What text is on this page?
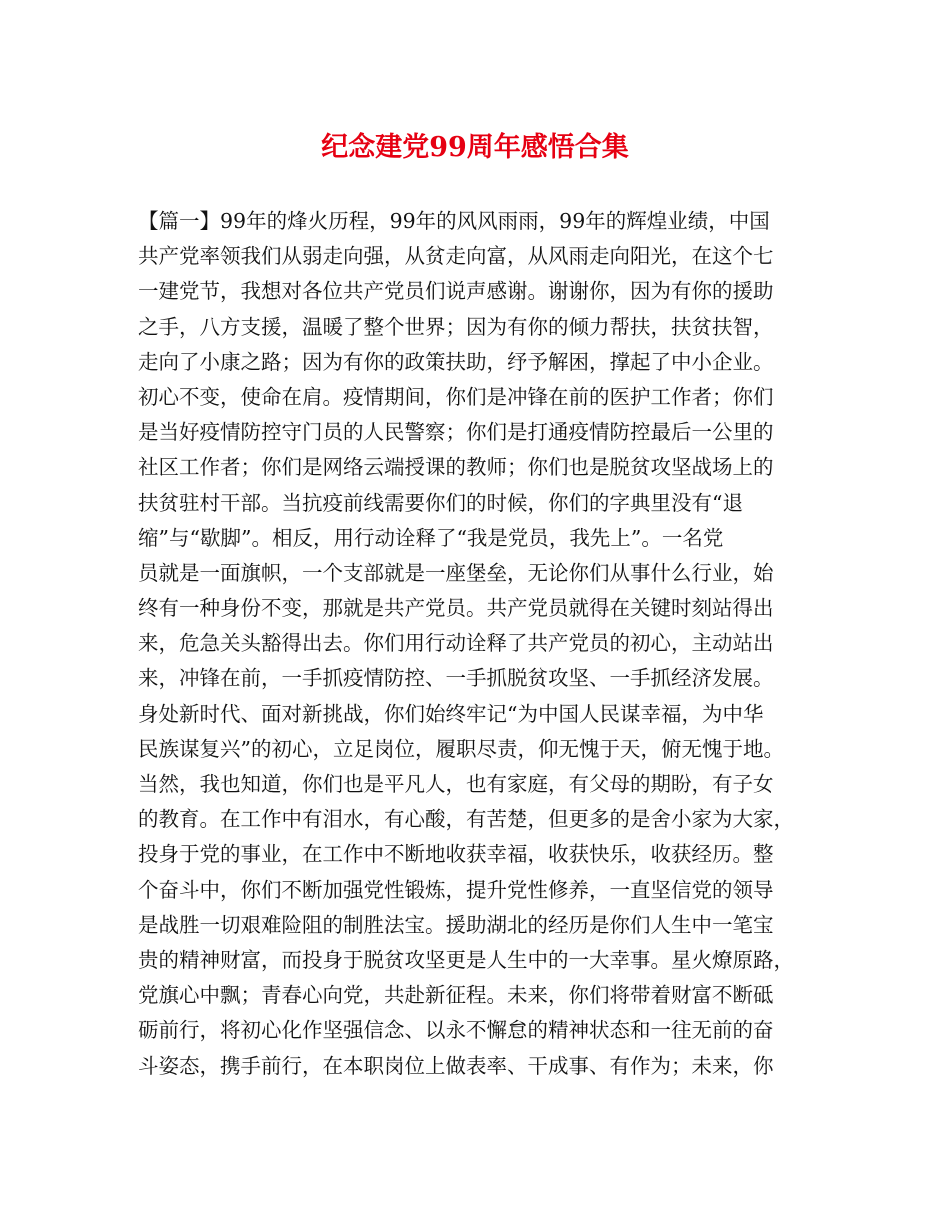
纪念建党99周年感悟合集

【篇一】99年的烽火历程，99年的风风雨雨，99年的辉煌业绩，中国

共产党率领我们从弱走向强，从贫走向富，从风雨走向阳光，在这个七

一建党节，我想对各位共产党员们说声感谢。谢谢你，因为有你的援助

之手，八方支援，温暖了整个世界；因为有你的倾力帮扶，扶贫扶智，

走向了小康之路；因为有你的政策扶助，纾予解困，撑起了中小企业。

初心不变，使命在肩。疫情期间，你们是冲锋在前的医护工作者；你们

是当好疫情防控守门员的人民警察；你们是打通疫情防控最后一公里的

社区工作者；你们是网络云端授课的教师；你们也是脱贫攻坚战场上的

扶贫驻村干部。当抗疫前线需要你们的时候，你们的字典里没有“退

缩”与“歇脚”。相反，用行动诠释了“我是党员，我先上”。一名党

员就是一面旗帜，一个支部就是一座堡垒，无论你们从事什么行业，始

终有一种身份不变，那就是共产党员。共产党员就得在关键时刻站得出

来，危急关头豁得出去。你们用行动诠释了共产党员的初心，主动站出

来，冲锋在前，一手抓疫情防控、一手抓脱贫攻坚、一手抓经济发展。

身处新时代、面对新挑战，你们始终牢记“为中国人民谋幸福，为中华

民族谋复兴”的初心，立足岗位，履职尽责，仰无愧于天，俯无愧于地。

当然，我也知道，你们也是平凡人，也有家庭，有父母的期盼，有子女

的教育。在工作中有泪水，有心酸，有苦楚，但更多的是舍小家为大家，

投身于党的事业，在工作中不断地收获幸福，收获快乐，收获经历。整

个奋斗中，你们不断加强党性锻炼，提升党性修养，一直坚信党的领导

是战胜一切艰难险阻的制胜法宝。援助湖北的经历是你们人生中一笔宝

贵的精神财富，而投身于脱贫攻坚更是人生中的一大幸事。星火燎原路，

党旗心中飘；青春心向党，共赴新征程。未来，你们将带着财富不断砥

砺前行，将初心化作坚强信念、以永不懈怠的精神状态和一往无前的奋

斗姿态，携手前行，在本职岗位上做表率、干成事、有作为；未来，你
